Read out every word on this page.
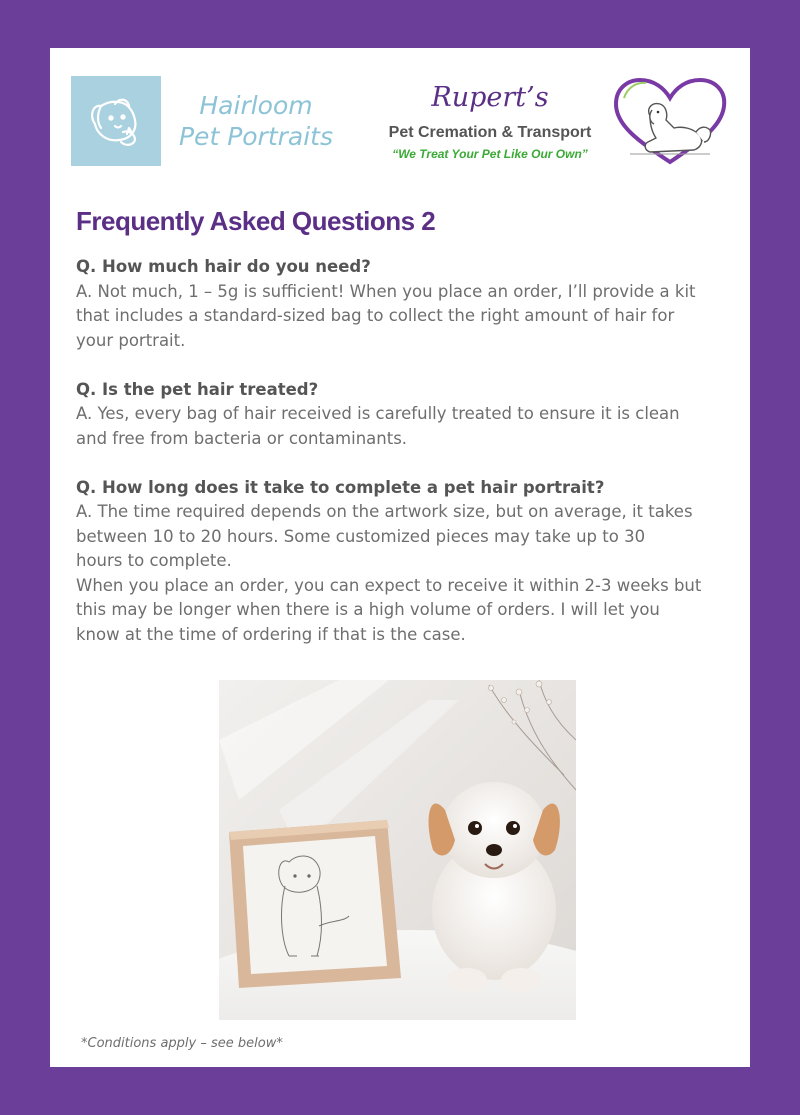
Hairloom
Pet Portraits
Rupert’s
Pet Cremation & Transport
“We Treat Your Pet Like Our Own”
Frequently Asked Questions 2

Q. How much hair do you need?

A. Not much, 1 – 5g is sufficient! When you place an order, I’ll provide a kit

that includes a standard-sized bag to collect the right amount of hair for

your portrait.

Q. Is the pet hair treated?

A. Yes, every bag of hair received is carefully treated to ensure it is clean

and free from bacteria or contaminants.

Q. How long does it take to complete a pet hair portrait?

A. The time required depends on the artwork size, but on average, it takes

between 10 to 20 hours. Some customized pieces may take up to 30

hours to complete.

When you place an order, you can expect to receive it within 2-3 weeks but

this may be longer when there is a high volume of orders. I will let you

know at the time of ordering if that is the case.

*Conditions apply – see below*
